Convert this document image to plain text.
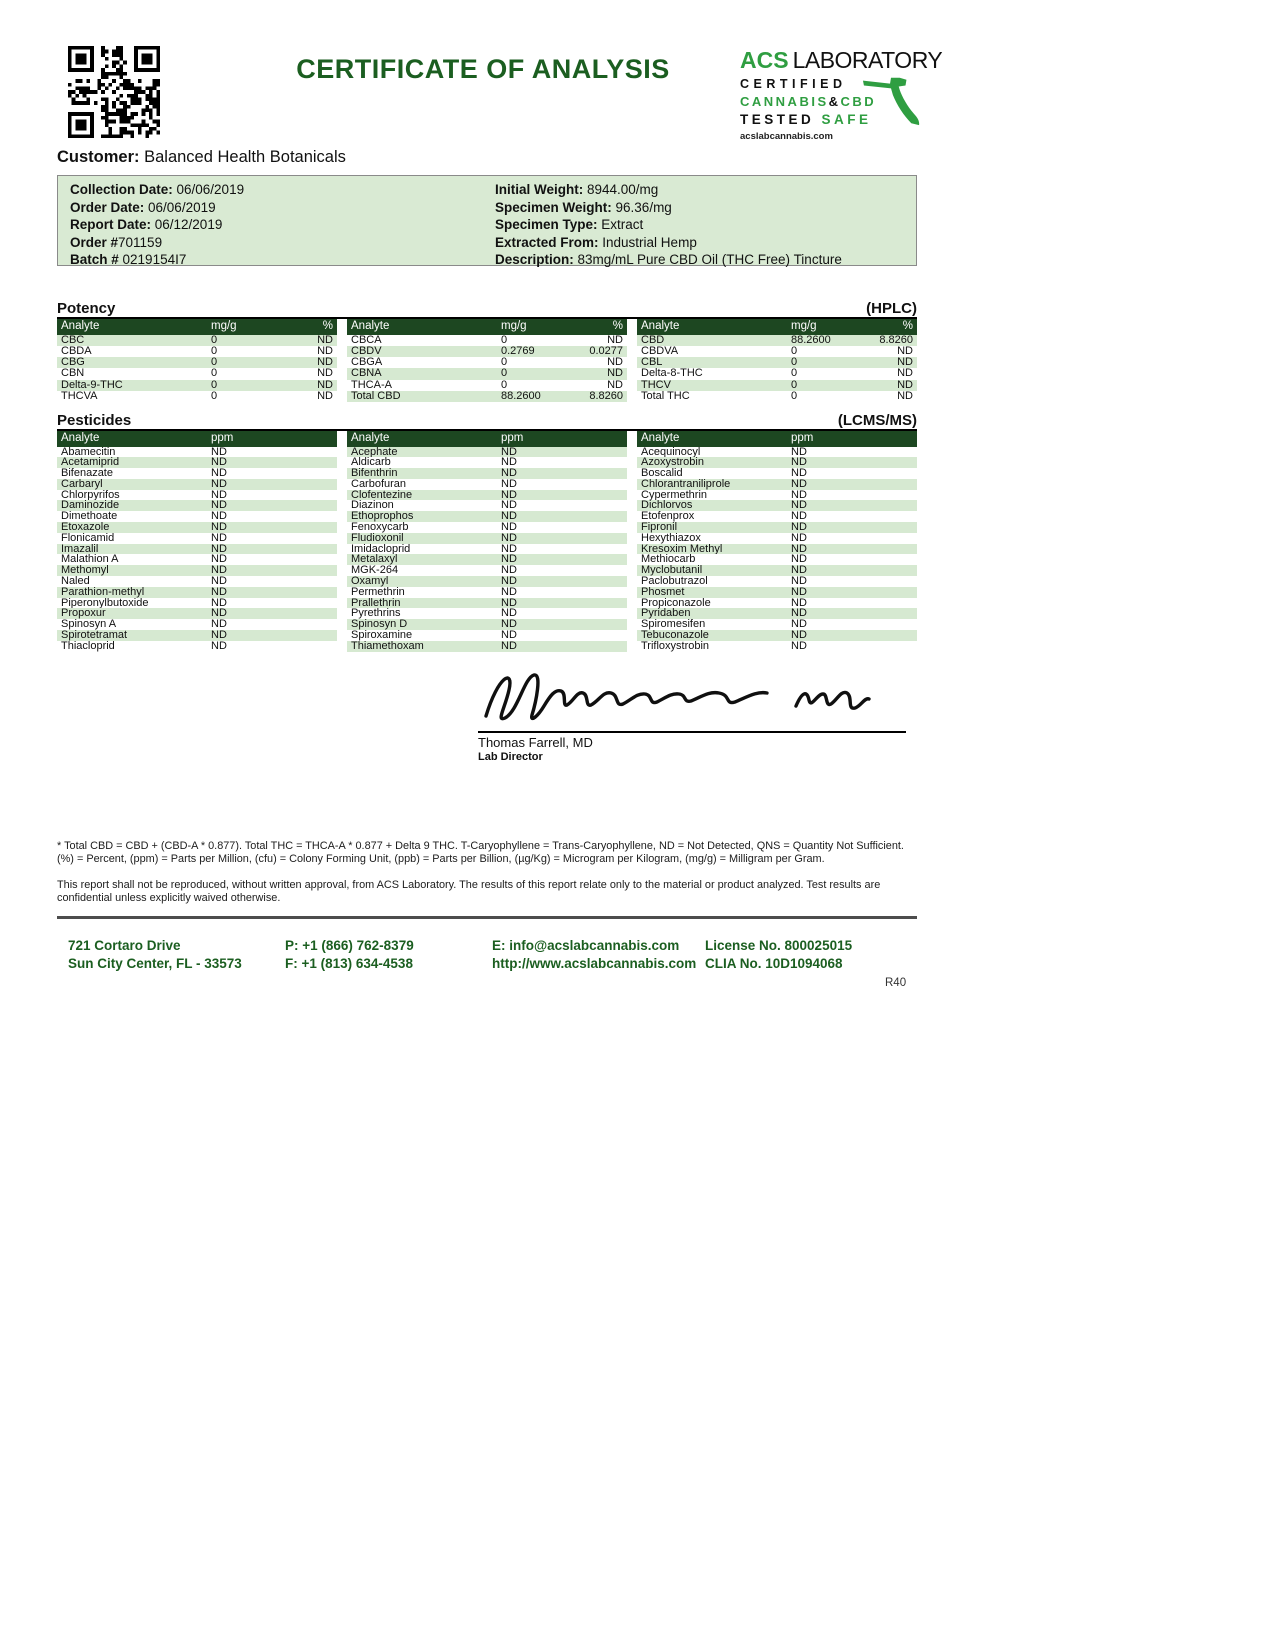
CERTIFICATE OF ANALYSIS	ACS LABORATORY
CERTIFIED
CANNABIS&CBD
TESTED SAFE
acslabcannabis.com
Customer: Balanced Health Botanicals
Collection Date: 06/06/2019
Order Date: 06/06/2019
Report Date: 06/12/2019
Order #701159
Batch # 0219154I7
Initial Weight: 8944.00/mg
Specimen Weight: 96.36/mg
Specimen Type: Extract
Extracted From: Industrial Hemp
Description: 83mg/mL Pure CBD Oil (THC Free) Tincture
Potency	(HPLC)
Analyte	mg/g	%
CBC	0	ND
CBDA	0	ND
CBG	0	ND
CBN	0	ND
Delta-9-THC	0	ND
THCVA	0	ND
Analyte	mg/g	%
CBCA	0	ND
CBDV	0.2769	0.0277
CBGA	0	ND
CBNA	0	ND
THCA-A	0	ND
Total CBD	88.2600	8.8260
Analyte	mg/g	%
CBD	88.2600	8.8260
CBDVA	0	ND
CBL	0	ND
Delta-8-THC	0	ND
THCV	0	ND
Total THC	0	ND
Pesticides	(LCMS/MS)
Analyte	ppm
Abamecitin	ND
Acetamiprid	ND
Bifenazate	ND
Carbaryl	ND
Chlorpyrifos	ND
Daminozide	ND
Dimethoate	ND
Etoxazole	ND
Flonicamid	ND
Imazalil	ND
Malathion A	ND
Methomyl	ND
Naled	ND
Parathion-methyl	ND
Piperonylbutoxide	ND
Propoxur	ND
Spinosyn A	ND
Spirotetramat	ND
Thiacloprid	ND
Analyte	ppm
Acephate	ND
Aldicarb	ND
Bifenthrin	ND
Carbofuran	ND
Clofentezine	ND
Diazinon	ND
Ethoprophos	ND
Fenoxycarb	ND
Fludioxonil	ND
Imidacloprid	ND
Metalaxyl	ND
MGK-264	ND
Oxamyl	ND
Permethrin	ND
Prallethrin	ND
Pyrethrins	ND
Spinosyn D	ND
Spiroxamine	ND
Thiamethoxam	ND
Analyte	ppm
Acequinocyl	ND
Azoxystrobin	ND
Boscalid	ND
Chlorantraniliprole	ND
Cypermethrin	ND
Dichlorvos	ND
Etofenprox	ND
Fipronil	ND
Hexythiazox	ND
Kresoxim Methyl	ND
Methiocarb	ND
Myclobutanil	ND
Paclobutrazol	ND
Phosmet	ND
Propiconazole	ND
Pyridaben	ND
Spiromesifen	ND
Tebuconazole	ND
Trifloxystrobin	ND
Thomas Farrell, MD
Lab Director
* Total CBD = CBD + (CBD-A * 0.877). Total THC = THCA-A * 0.877 + Delta 9 THC. T-Caryophyllene = Trans-Caryophyllene, ND = Not Detected, QNS = Quantity Not Sufficient. (%) = Percent, (ppm) = Parts per Million, (cfu) = Colony Forming Unit, (ppb) = Parts per Billion, (µg/Kg) = Microgram per Kilogram, (mg/g) = Milligram per Gram.
This report shall not be reproduced, without written approval, from ACS Laboratory. The results of this report relate only to the material or product analyzed. Test results are confidential unless explicitly waived otherwise.
721 Cortaro Drive
Sun City Center, FL - 33573
P: +1 (866) 762-8379
F: +1 (813) 634-4538
E: info@acslabcannabis.com
http://www.acslabcannabis.com
License No. 800025015
CLIA No. 10D1094068
R40
